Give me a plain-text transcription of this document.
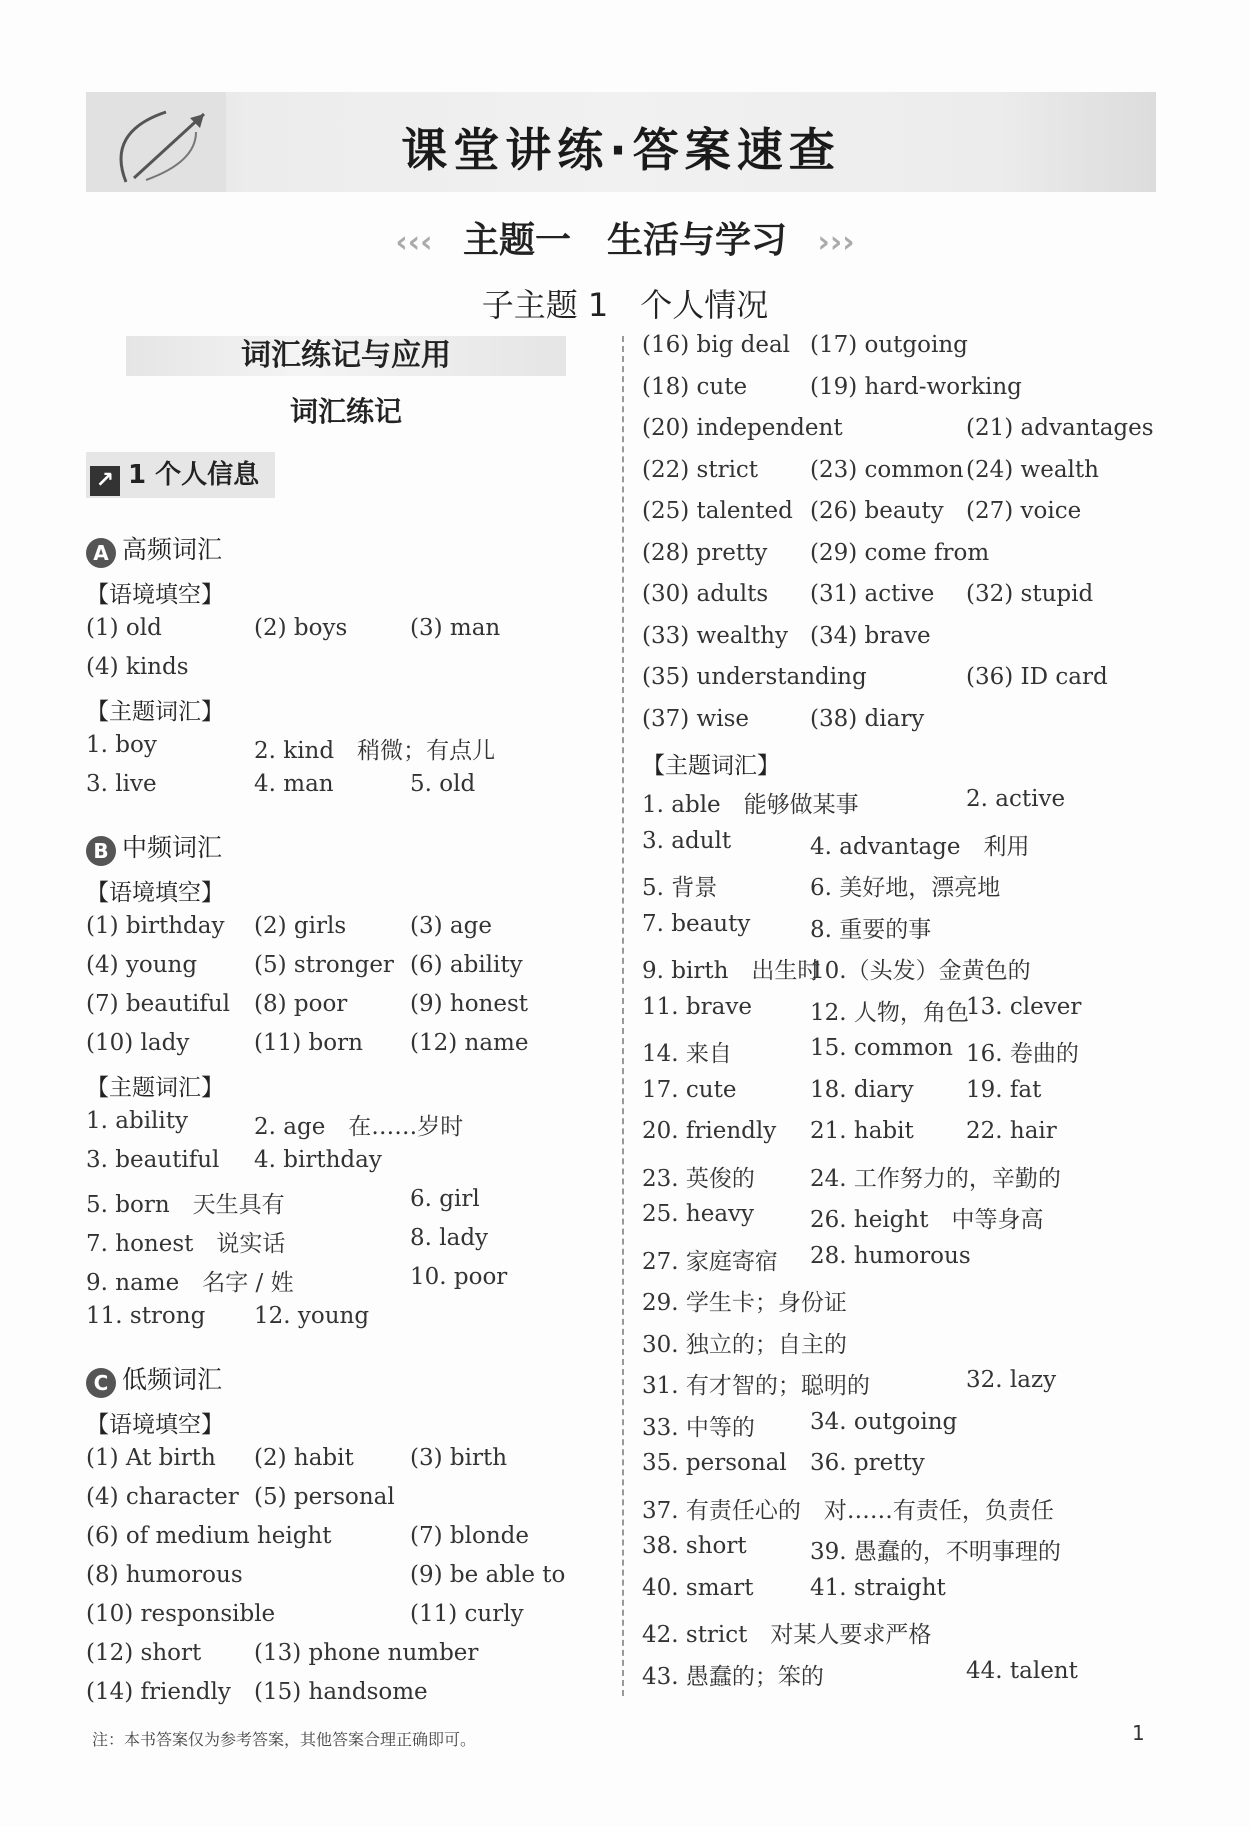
课堂讲练·答案速查
‹‹‹ 主题一　生活与学习 ›››
子主题 1　个人情况
词汇练记与应用
词汇练记
↗ 1 个人信息
A 高频词汇
【语境填空】
(1) old	(2) boys	(3) man
(4) kinds
【主题词汇】
1. boy	2. kind　稍微；有点儿
3. live	4. man	5. old
B 中频词汇
【语境填空】
(1) birthday (2) girls	(3) age
(4) young (5) stronger (6) ability
(7) beautiful (8) poor	(9) honest
(10) lady	(11) born (12) name
【主题词汇】
1. ability	2. age　在……岁时
3. beautiful 4. birthday
5. born　天生具有	6. girl
7. honest　说实话	8. lady
9. name　名字 / 姓	10. poor
11. strong 12. young
C 低频词汇
【语境填空】
(1) At birth (2) habit (3) birth
(4) character (5) personal
(6) of medium height	(7) blonde
(8) humorous	(9) be able to
(10) responsible	(11) curly
(12) short (13) phone number
(14) friendly (15) handsome
(16) big deal (17) outgoing
(18) cute	(19) hard-working
(20) independent	(21) advantages
(22) strict (23) common (24) wealth
(25) talented (26) beauty (27) voice
(28) pretty (29) come from
(30) adults (31) active (32) stupid
(33) wealthy (34) brave
(35) understanding	(36) ID card
(37) wise	(38) diary
【主题词汇】
1. able　能够做某事	2. active
3. adult	4. advantage　利用
5. 背景	6. 美好地，漂亮地
7. beauty	8. 重要的事
9. birth　出生时
10.（头发）金黄色的
11. brave	12. 人物，角色
13. clever
14. 来自	15. common 16. 卷曲的
17. cute	18. diary 19. fat
20. friendly 21. habit 22. hair
23. 英俊的 24. 工作努力的，辛勤的
25. heavy 26. height　中等身高
27. 家庭寄宿 28. humorous
29. 学生卡；身份证
30. 独立的；自主的
31. 有才智的；聪明的	32. lazy
33. 中等的 34. outgoing
35. personal 36. pretty
37. 有责任心的　对……有责任，负责任
38. short	39. 愚蠢的，不明事理的
40. smart 41. straight
42. strict　对某人要求严格
43. 愚蠢的；笨的	44. talent
注：本书答案仅为参考答案，其他答案合理正确即可。	1
